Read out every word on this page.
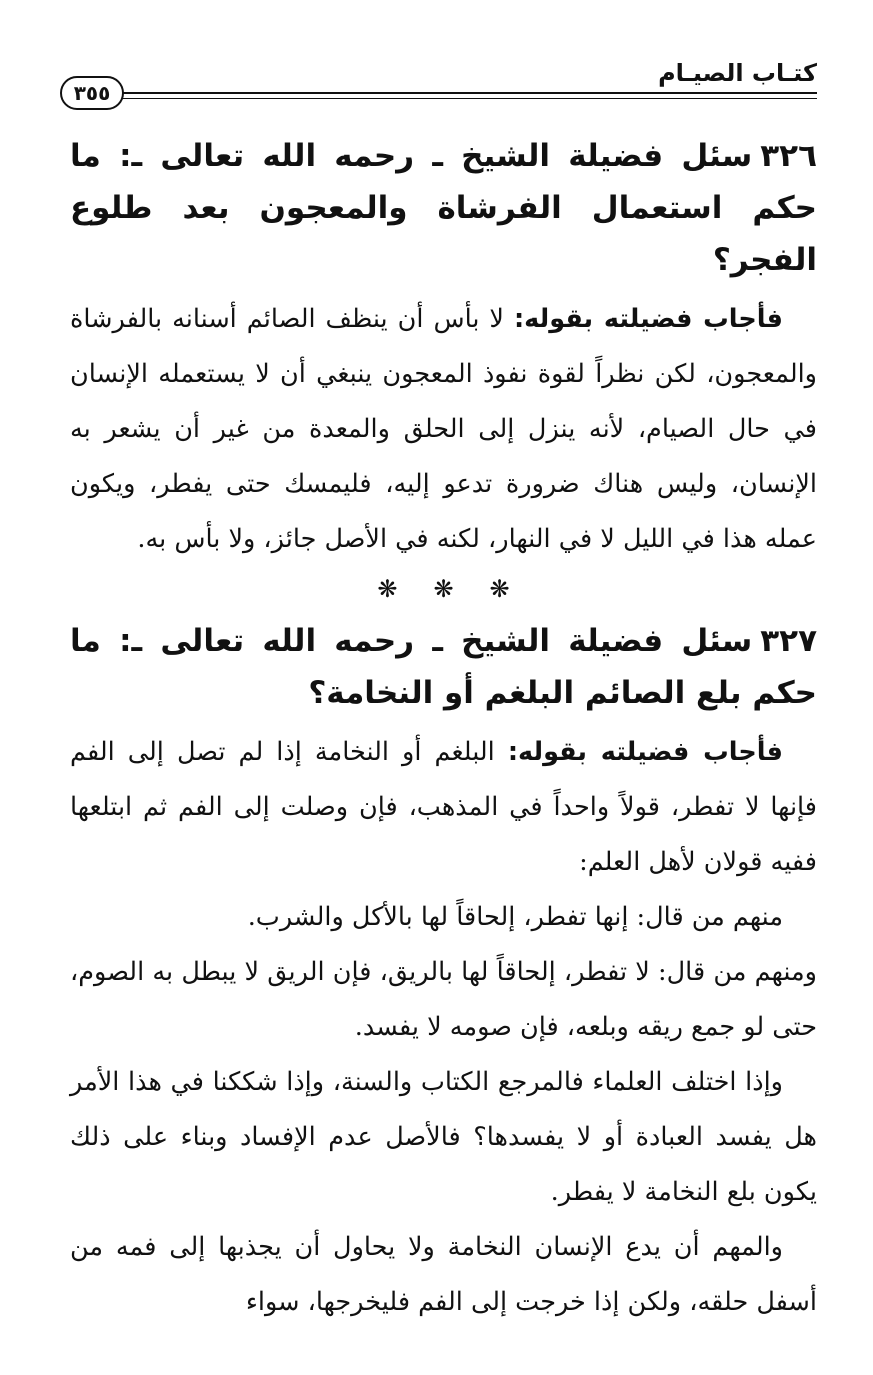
كتـاب الصيـام
٣٥٥

٣٢٦سئل فضيلة الشيخ ـ رحمه الله تعالى ـ: ما حكم استعمال الفرشاة والمعجون بعد طلوع الفجر؟

فأجاب فضيلته بقوله: لا بأس أن ينظف الصائم أسنانه بالفرشاة والمعجون، لكن نظراً لقوة نفوذ المعجون ينبغي أن لا يستعمله الإنسان في حال الصيام، لأنه ينزل إلى الحلق والمعدة من غير أن يشعر به الإنسان، وليس هناك ضرورة تدعو إليه، فليمسك حتى يفطر، ويكون عمله هذا في الليل لا في النهار، لكنه في الأصل جائز، ولا بأس به.

❋❋❋

٣٢٧سئل فضيلة الشيخ ـ رحمه الله تعالى ـ: ما حكم بلع الصائم البلغم أو النخامة؟

فأجاب فضيلته بقوله: البلغم أو النخامة إذا لم تصل إلى الفم فإنها لا تفطر، قولاً واحداً في المذهب، فإن وصلت إلى الفم ثم ابتلعها ففيه قولان لأهل العلم:

منهم من قال: إنها تفطر، إلحاقاً لها بالأكل والشرب.

ومنهم من قال: لا تفطر، إلحاقاً لها بالريق، فإن الريق لا يبطل به الصوم، حتى لو جمع ريقه وبلعه، فإن صومه لا يفسد.

وإذا اختلف العلماء فالمرجع الكتاب والسنة، وإذا شككنا في هذا الأمر هل يفسد العبادة أو لا يفسدها؟ فالأصل عدم الإفساد وبناء على ذلك يكون بلع النخامة لا يفطر.

والمهم أن يدع الإنسان النخامة ولا يحاول أن يجذبها إلى فمه من أسفل حلقه، ولكن إذا خرجت إلى الفم فليخرجها، سواء
